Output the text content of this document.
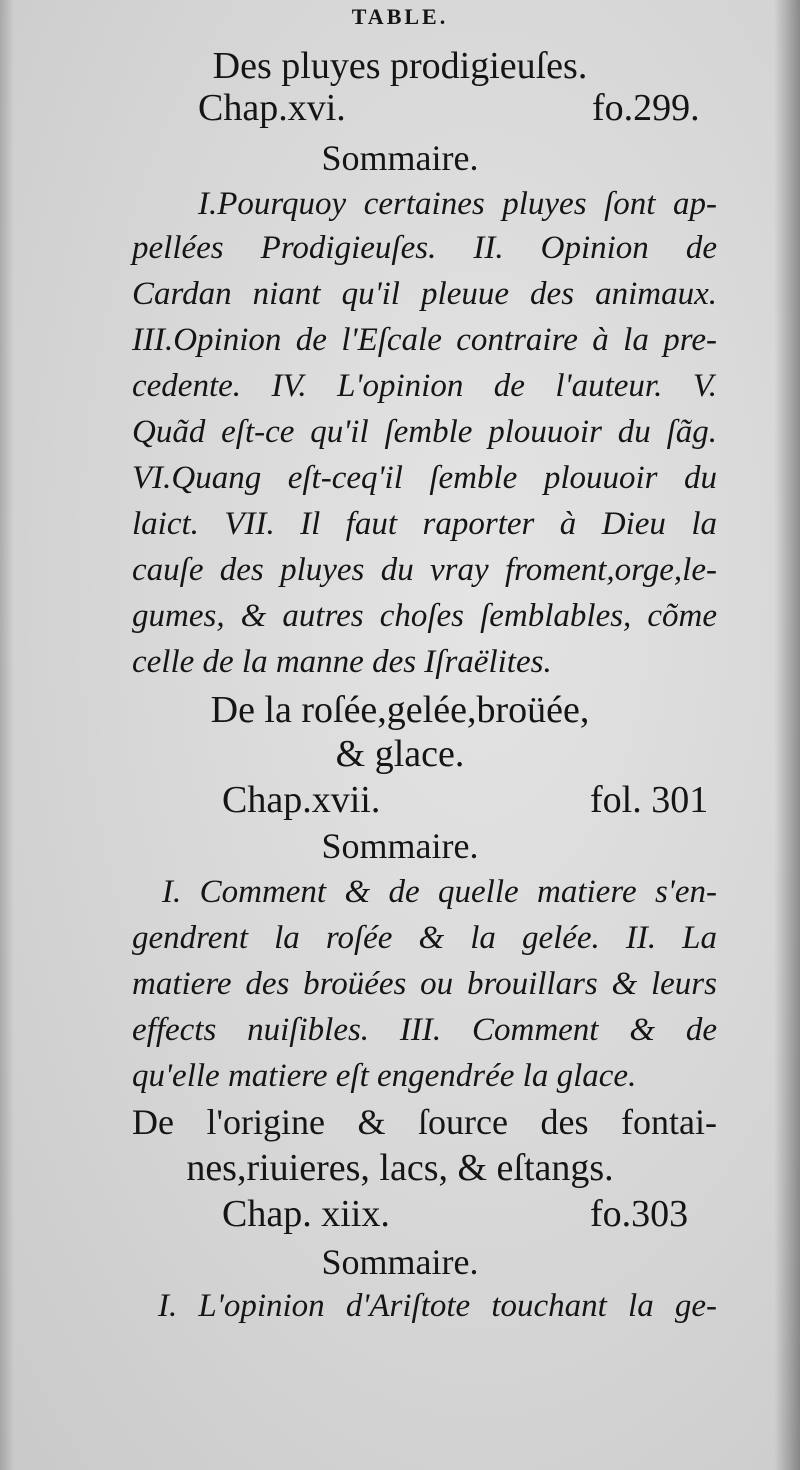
TABLE.
Des pluyes prodigieuſes.
Chap.xvi.	fo.299.
Sommaire.
I.Pourquoy certaines pluyes ſont ap-
pellées Prodigieuſes. II. Opinion de
Cardan niant qu'il pleuue des animaux.
III.Opinion de l'Eſcale contraire à la pre-
cedente. IV. L'opinion de l'auteur. V.
Quãd eſt-ce qu'il ſemble plouuoir du ſãg.
VI.Quang eſt-ceq'il ſemble plouuoir du
laict. VII. Il faut raporter à Dieu la
cauſe des pluyes du vray froment,orge,le-
gumes, & autres choſes ſemblables, cõme
celle de la manne des Iſraëlites.
De la roſée,gelée,broüée,
& glace.
Chap.xvii.	fol. 301
Sommaire.
I. Comment & de quelle matiere s'en-
gendrent la roſée & la gelée. II. La
matiere des broüées ou brouillars & leurs
effects nuiſibles. III. Comment & de
qu'elle matiere eſt engendrée la glace.
De l'origine & ſource des fontai-
nes,riuieres, lacs, & eſtangs.
Chap. xiix.	fo.303
Sommaire.
I. L'opinion d'Ariſtote touchant la ge-
